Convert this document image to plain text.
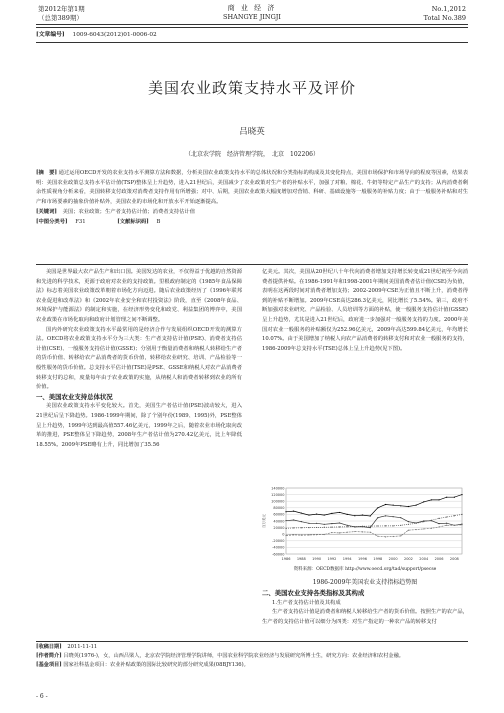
第2012年第1期
（总第389期）
商 业 经 济
SHANGYE JINGJI
No.1,2012
Total No.389
[文章编号] 1009-6043(2012)01-0006-02
美国农业政策支持水平及评价
吕晓英
（北京农学院　经济管理学院，　北京　102206）
[摘　要] 通过运用OECD开发的农业支持水平测算方法和数据，分析美国农业政策支持水平的总体状况和分类指标的构成及其变化特点，美国市场保护和市场导向的程度等因素，结果表明：美国农业政策总支持水平估计值(TSP)整体呈上升趋势，进入21世纪后，美国减少了农业政策对生产者的补贴水平，加强了对粮、棉花、牛奶等特定产品生产的支持；从内消费者剩余性质视角分析来看，美国转移支付政策对消费者支持作用有所增强；对中、后期，美国农业政策大幅度增加对营销、科研、基础设施等一般服务的补贴力度；由于一般服务补贴和对生产和市场要素的抽象价值补贴外，美国农业的市场化和开放水平开始逐渐提高。
[关键词] 美国；农业政策；生产者支持估计值；消费者支持估计值
[中图分类号] F31	[文献标识码] B

美国是世界最大农产品生产和出口国。美国发达的农业，不仅得益于优越的自然资源和先进的科学技术，更源于政府对农业的支持政策。里根政府制定的《1985年食品保障法》标志着美国农业政策改革朝着市场化方向迈进。随后农业政策经历了《1996年联邦农业促进和改革法》和《2002年农业安全和农村投资法》阶段，直至《2008年食品、环境保护与能源法》的制定和实施，在经济形势变化和政党、利益集团的博弈中，美国农业政策在市场化取向和政府计划管理之间不断调整。

国内外研究农业政策支持水平最常用的是经济合作与发展组织OECD开发的测算方法。OECD将农业政策支持水平分为三大类：生产者支持估计值(PSE)、消费者支持估计值(CSE)、一般服务支持估计值(GSSE)；分别用于衡量消费者和纳税人转移给生产者的货币价值、转移给农产品消费者的货币价值，转移给农业研究、培训、产品检验等一般性服务的货币价值。总支持水平估计值(TSE)是PSE、GSSE和纳税人对农产品消费者转移支付的总和，度量每年由于农业政策的实施，从纳税人和消费者转移到农业的所有价值。

一、美国农业支持总体状况

美国农业政策支持水平变化较大。首先，美国生产者估计值(PSE)波动较大，进入21世纪后呈下降趋势。1986-1999年期间，除了个别年份(1989、1995)外，PSE整体呈上升趋势，1999年达到最高值557.46亿美元，1999年之后，随着农业市场化取向改革的推进，PSE整体呈下降趋势，2008年生产者估计值为270.42亿美元，比上年降低18.55%。2009年PSE略有上升，同比增加了35.56

亿美元。其次，美国从20世纪八十年代向消费者增加支持增长转变成21世纪初至今向消费者提供补贴。在1986-1991年和1998-2001年期间美国消费者估计值(CSE)为负值，表明在这两段时间对消费者增加支持；2002-2009年CSE为正值且不断上升，消费者得到的补贴不断增加。2009年CSE高达286.3亿美元，同比增长了5.54%。第三，政府不断加强对农业研究、产品检验、人员培训等方面的补贴，使一般服务支持估计值(GSSE)呈上升趋势，尤其是进入21世纪后，政府进一步加强对一般服务支持的力度。2000年美国对农业一般服务的补贴额仅为252.96亿美元，2009年高达599.84亿美元，年均增长10.07%。由于美国增加了纳税人向农产品消费者的转移支付和对农业一般服务的支持，1986-2009年总支持水平(TSE)总体上呈上升趋势(见下图)。

140000
120000
100000
80000
60000
40000
20000
0
-20000
-40000
-60000
百万美元
1986 1988 1990 1992 1994 1996 1998 2000 2002 2004 2006 2008
资料来源：OECD数据库 http://www.oecd.org/tad/support/psecse
1986-2009年美国农业支持指标趋势图

二、美国农业支持各类指标及其构成

1.生产者支持估计值及其构成

生产者支持估计值是消费者和纳税人转移给生产者的货币价值。按照生产的农产品，生产者的支持估计值可以细分为四类：对生产指定的一种农产品的转移支付

[收稿日期] 2011-11-11
[作者简介] 吕晓英(1976-)，女，山西吕梁人，北京农学院经济管理学院讲师，中国农业科学院农业经济与发展研究所博士生，研究方向：农业经济和农村金融。
[基金项目] 国家社科基金项目：农业补贴政策的国际比较研究的部分研究成果(08BJY136)。
- 6 -
